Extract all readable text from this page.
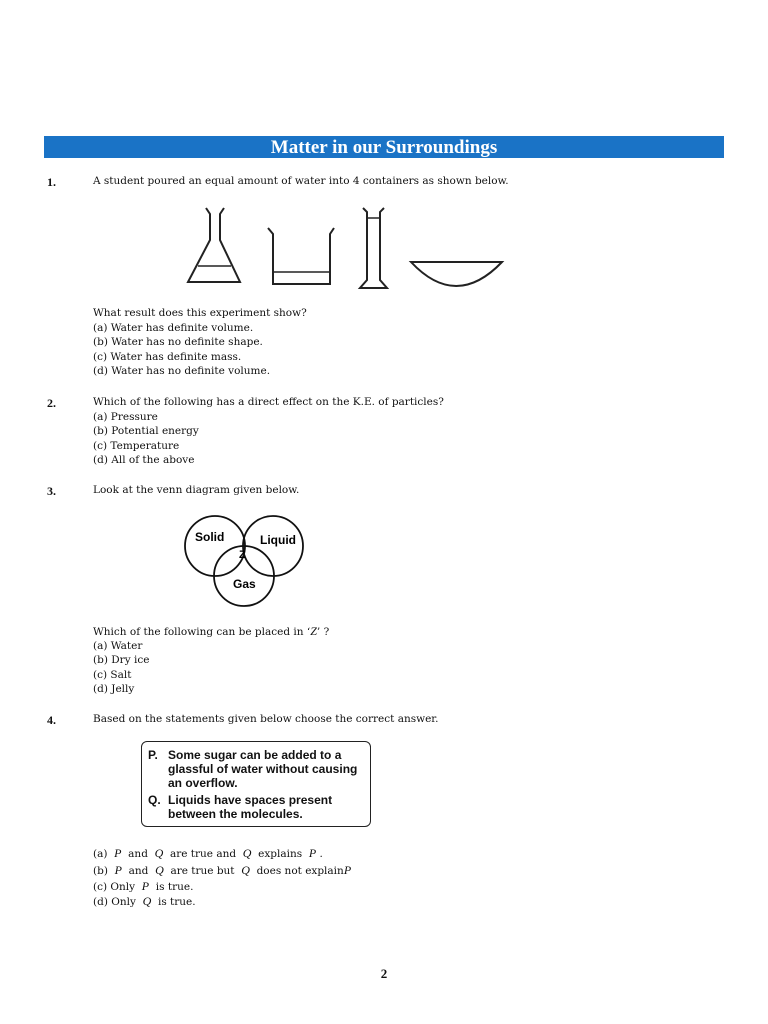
Matter in our Surroundings
1.	A student poured an equal amount of water into 4 containers as shown below.
What result does this experiment show?
(a) Water has definite volume.
(b) Water has no definite shape.
(c) Water has definite mass.
(d) Water has no definite volume.
2.	Which of the following has a direct effect on the K.E. of particles?
(a) Pressure
(b) Potential energy
(c) Temperature
(d) All of the above
3.	Look at the venn diagram given below.
Solid	Liquid
Z
Gas
Which of the following can be placed in ‘Z’ ?
(a) Water
(b) Dry ice
(c) Salt
(d) Jelly
4.	Based on the statements given below choose the correct answer.
P. Some sugar can be added to a glassful of water without causing an overflow.
Q. Liquids have spaces present between the molecules.
(a) P and Q are true and Q explains P .
(b) P and Q are true but Q does not explainP
(c) Only P is true.
(d) Only Q is true.
2
